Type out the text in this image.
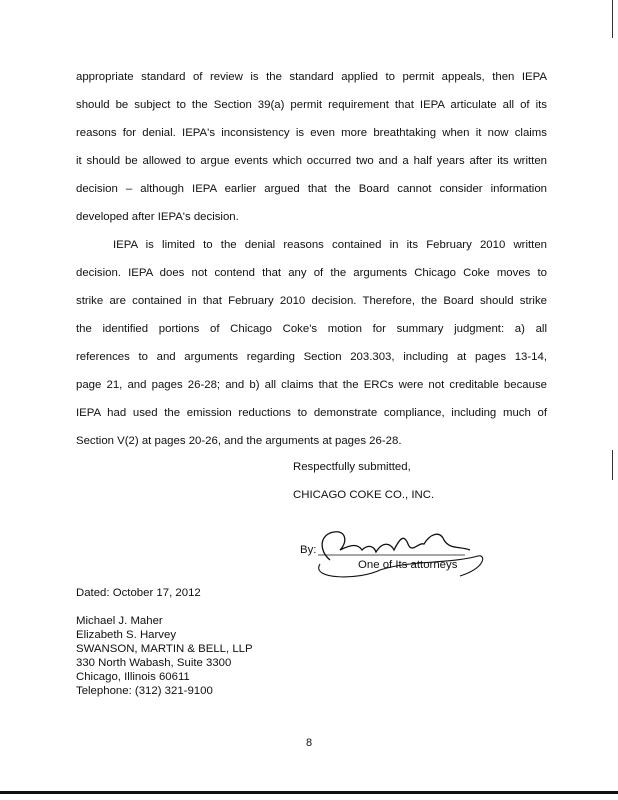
appropriate standard of review is the standard applied to permit appeals, then IEPA
should be subject to the Section 39(a) permit requirement that IEPA articulate all of its
reasons for denial. IEPA's inconsistency is even more breathtaking when it now claims
it should be allowed to argue events which occurred two and a half years after its written
decision – although IEPA earlier argued that the Board cannot consider information
developed after IEPA's decision.
IEPA is limited to the denial reasons contained in its February 2010 written
decision. IEPA does not contend that any of the arguments Chicago Coke moves to
strike are contained in that February 2010 decision. Therefore, the Board should strike
the identified portions of Chicago Coke's motion for summary judgment: a) all
references to and arguments regarding Section 203.303, including at pages 13-14,
page 21, and pages 26-28; and b) all claims that the ERCs were not creditable because
IEPA had used the emission reductions to demonstrate compliance, including much of
Section V(2) at pages 20-26, and the arguments at pages 26-28.
Respectfully submitted,
CHICAGO COKE CO., INC.
By:
One of Its attorneys
Dated: October 17, 2012
Michael J. Maher
Elizabeth S. Harvey
SWANSON, MARTIN & BELL, LLP
330 North Wabash, Suite 3300
Chicago, Illinois 60611
Telephone: (312) 321-9100
8
